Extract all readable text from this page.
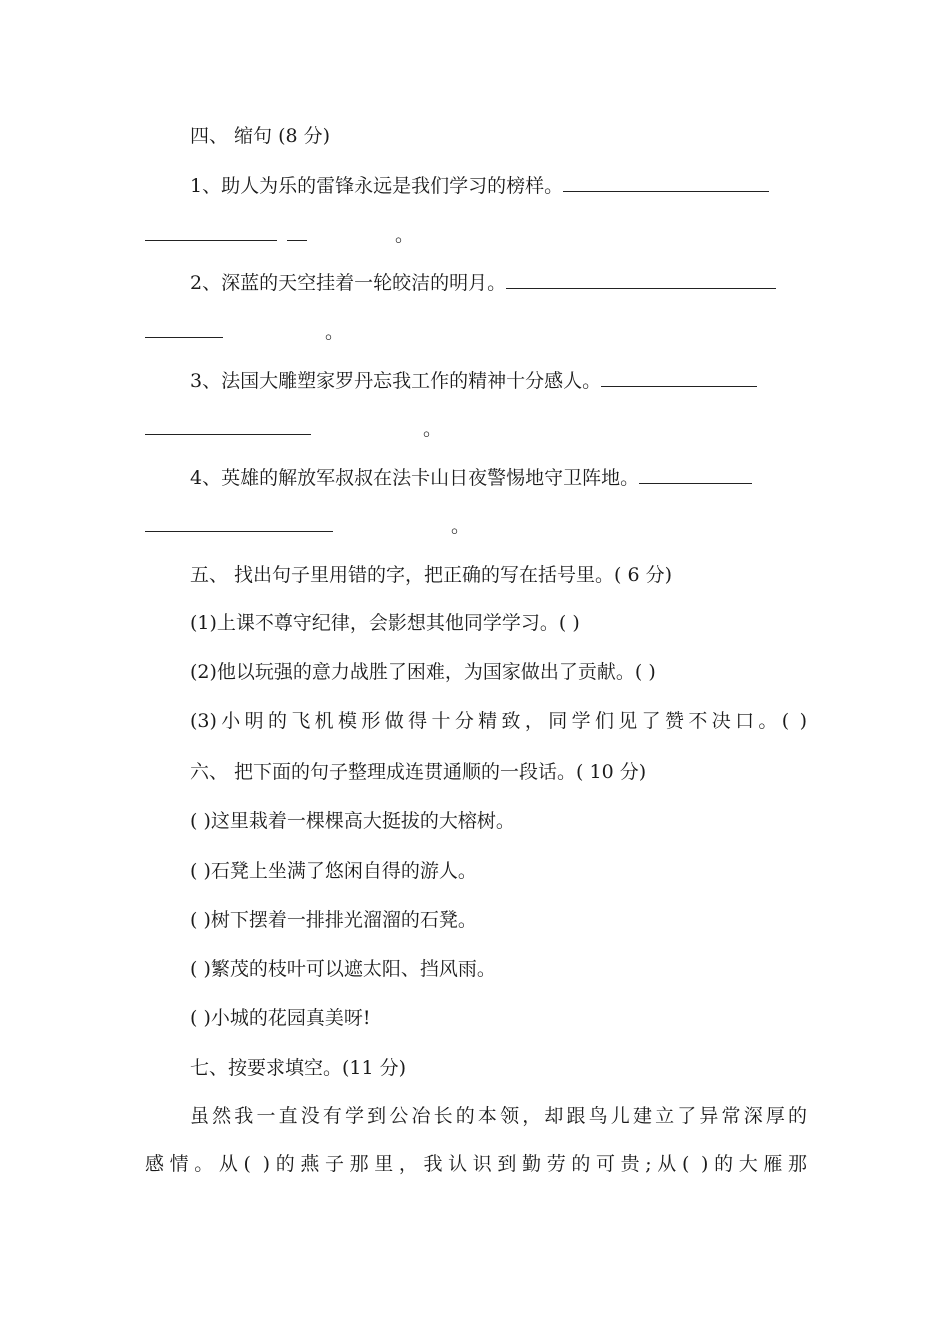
四、 缩句 (8 分)
1、助人为乐的雷锋永远是我们学习的榜样。
。
2、深蓝的天空挂着一轮皎洁的明月。
。
3、法国大雕塑家罗丹忘我工作的精神十分感人。
。
4、英雄的解放军叔叔在法卡山日夜警惕地守卫阵地。
。
五、 找出句子里用错的字，把正确的写在括号里。( 6 分)
(1)上课不尊守纪律，会影想其他同学学习。( )
(2)他以玩强的意力战胜了困难，为国家做出了贡献。( )
(3)小明的飞机模形做得十分精致，同学们见了赞不决口。( )
六、 把下面的句子整理成连贯通顺的一段话。( 10 分)
( )这里栽着一棵棵高大挺拔的大榕树。
( )石凳上坐满了悠闲自得的游人。
( )树下摆着一排排光溜溜的石凳。
( )繁茂的枝叶可以遮太阳、挡风雨。
( )小城的花园真美呀!
七、按要求填空。(11 分)
虽然我一直没有学到公冶长的本领，却跟鸟儿建立了异常深厚的
感情。从( )的燕子那里，我认识到勤劳的可贵;从( )的大雁那
